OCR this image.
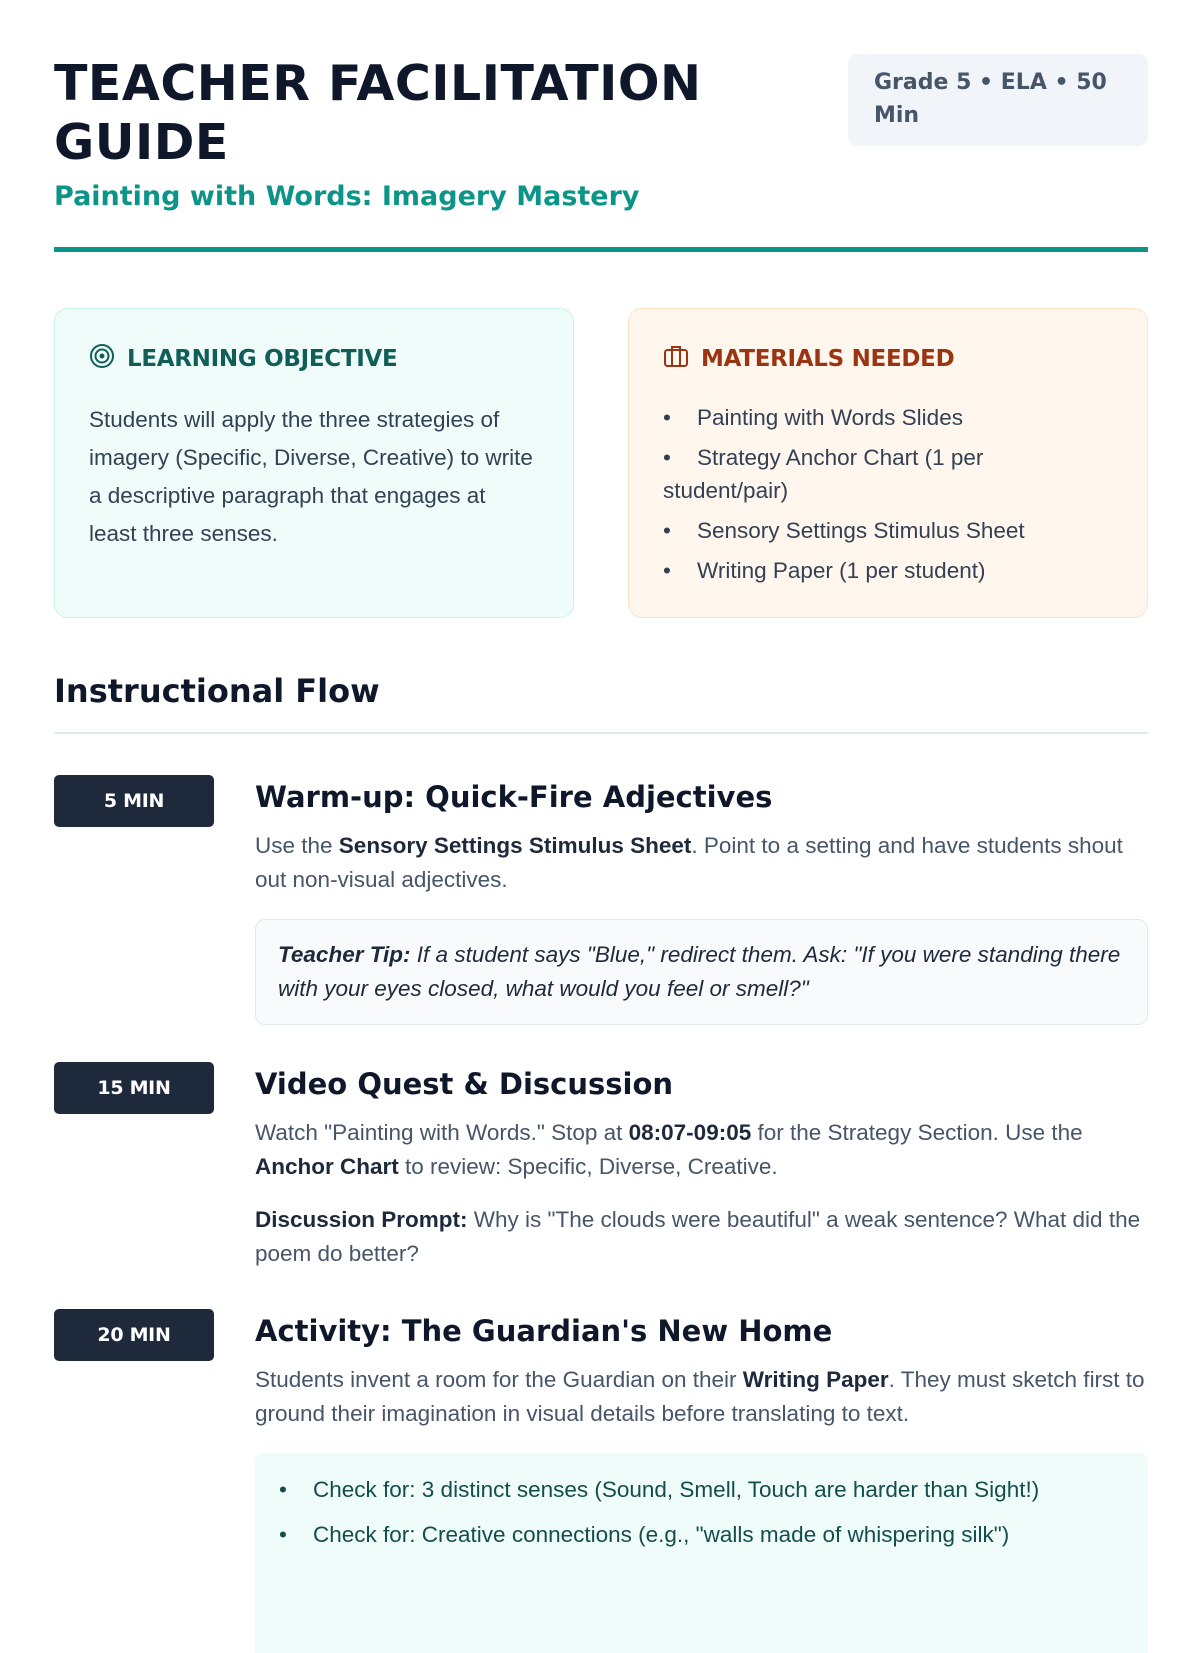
TEACHER FACILITATION GUIDE
Painting with Words: Imagery Mastery
Grade 5 • ELA • 50 Min
LEARNING OBJECTIVE

Students will apply the three strategies of imagery (Specific, Diverse, Creative) to write a descriptive paragraph that engages at least three senses.

MATERIALS NEEDED
• Painting with Words Slides
• Strategy Anchor Chart (1 per student/pair)
• Sensory Settings Stimulus Sheet
• Writing Paper (1 per student)
Instructional Flow
5 MIN	Warm-up: Quick-Fire Adjectives

Use the Sensory Settings Stimulus Sheet. Point to a setting and have students shout out non-visual adjectives.

Teacher Tip: If a student says "Blue," redirect them. Ask: "If you were standing there with your eyes closed, what would you feel or smell?"
15 MIN	Video Quest & Discussion

Watch "Painting with Words." Stop at 08:07-09:05 for the Strategy Section. Use the Anchor Chart to review: Specific, Diverse, Creative.

Discussion Prompt: Why is "The clouds were beautiful" a weak sentence? What did the poem do better?

20 MIN	Activity: The Guardian's New Home

Students invent a room for the Guardian on their Writing Paper. They must sketch first to ground their imagination in visual details before translating to text.

• Check for: 3 distinct senses (Sound, Smell, Touch are harder than Sight!)
• Check for: Creative connections (e.g., "walls made of whispering silk")
